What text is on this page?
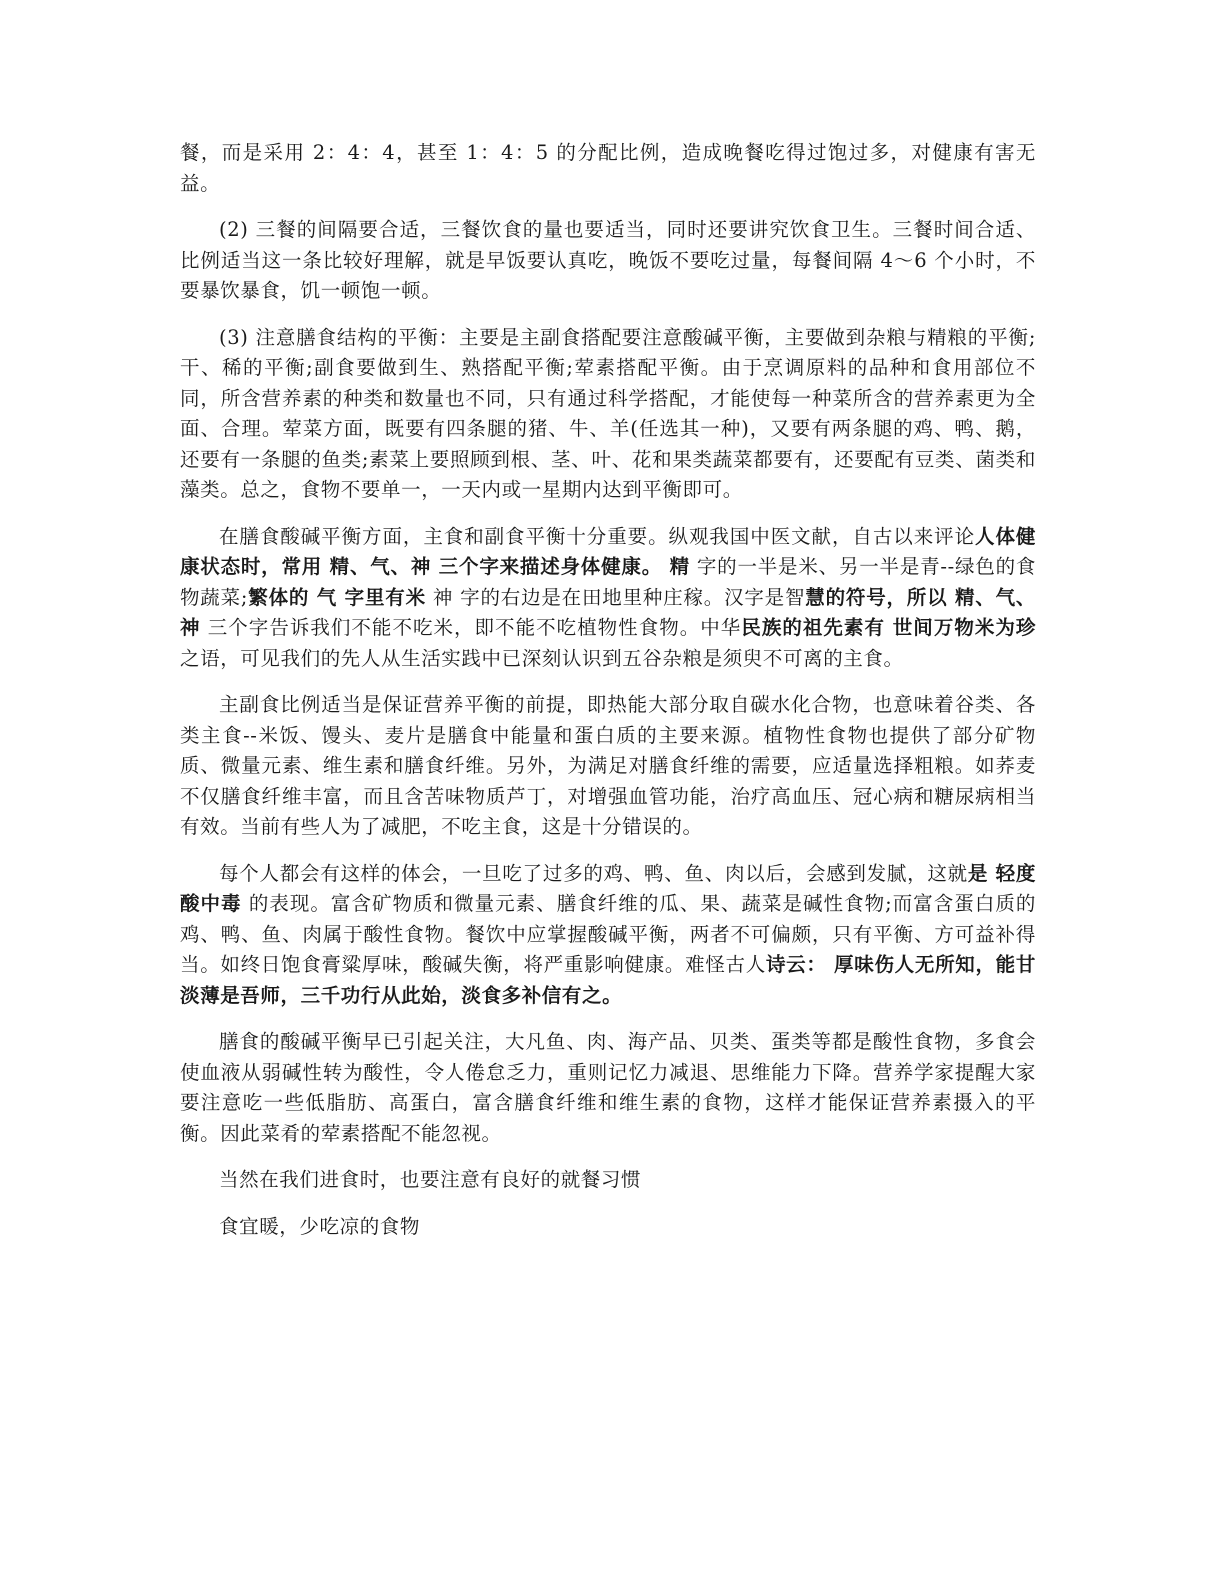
餐，而是采用 2：4：4，甚至 1：4：5 的分配比例，造成晚餐吃得过饱过多，对健康有害无益。

(2) 三餐的间隔要合适，三餐饮食的量也要适当，同时还要讲究饮食卫生。三餐时间合适、比例适当这一条比较好理解，就是早饭要认真吃，晚饭不要吃过量，每餐间隔 4～6 个小时，不要暴饮暴食，饥一顿饱一顿。

(3) 注意膳食结构的平衡：主要是主副食搭配要注意酸碱平衡，主要做到杂粮与精粮的平衡;干、稀的平衡;副食要做到生、熟搭配平衡;荤素搭配平衡。由于烹调原料的品种和食用部位不同，所含营养素的种类和数量也不同，只有通过科学搭配，才能使每一种菜所含的营养素更为全面、合理。荤菜方面，既要有四条腿的猪、牛、羊(任选其一种)，又要有两条腿的鸡、鸭、鹅，还要有一条腿的鱼类;素菜上要照顾到根、茎、叶、花和果类蔬菜都要有，还要配有豆类、菌类和藻类。总之，食物不要单一，一天内或一星期内达到平衡即可。

在膳食酸碱平衡方面，主食和副食平衡十分重要。纵观我国中医文献，自古以来评论人体健康状态时，常用 精、气、神 三个字来描述身体健康。 精 字的一半是米、另一半是青--绿色的食物蔬菜;繁体的 气 字里有米 神 字的右边是在田地里种庄稼。汉字是智慧的符号，所以 精、气、神 三个字告诉我们不能不吃米，即不能不吃植物性食物。中华民族的祖先素有 世间万物米为珍 之语，可见我们的先人从生活实践中已深刻认识到五谷杂粮是须臾不可离的主食。

主副食比例适当是保证营养平衡的前提，即热能大部分取自碳水化合物，也意味着谷类、各类主食--米饭、馒头、麦片是膳食中能量和蛋白质的主要来源。植物性食物也提供了部分矿物质、微量元素、维生素和膳食纤维。另外，为满足对膳食纤维的需要，应适量选择粗粮。如荞麦不仅膳食纤维丰富，而且含苦味物质芦丁，对增强血管功能，治疗高血压、冠心病和糖尿病相当有效。当前有些人为了减肥，不吃主食，这是十分错误的。

每个人都会有这样的体会，一旦吃了过多的鸡、鸭、鱼、肉以后，会感到发腻，这就是 轻度酸中毒 的表现。富含矿物质和微量元素、膳食纤维的瓜、果、蔬菜是碱性食物;而富含蛋白质的鸡、鸭、鱼、肉属于酸性食物。餐饮中应掌握酸碱平衡，两者不可偏颇，只有平衡、方可益补得当。如终日饱食膏粱厚味，酸碱失衡，将严重影响健康。难怪古人诗云： 厚味伤人无所知，能甘淡薄是吾师，三千功行从此始，淡食多补信有之。

膳食的酸碱平衡早已引起关注，大凡鱼、肉、海产品、贝类、蛋类等都是酸性食物，多食会使血液从弱碱性转为酸性，令人倦怠乏力，重则记忆力减退、思维能力下降。营养学家提醒大家要注意吃一些低脂肪、高蛋白，富含膳食纤维和维生素的食物，这样才能保证营养素摄入的平衡。因此菜肴的荤素搭配不能忽视。

当然在我们进食时，也要注意有良好的就餐习惯

食宜暖，少吃凉的食物
